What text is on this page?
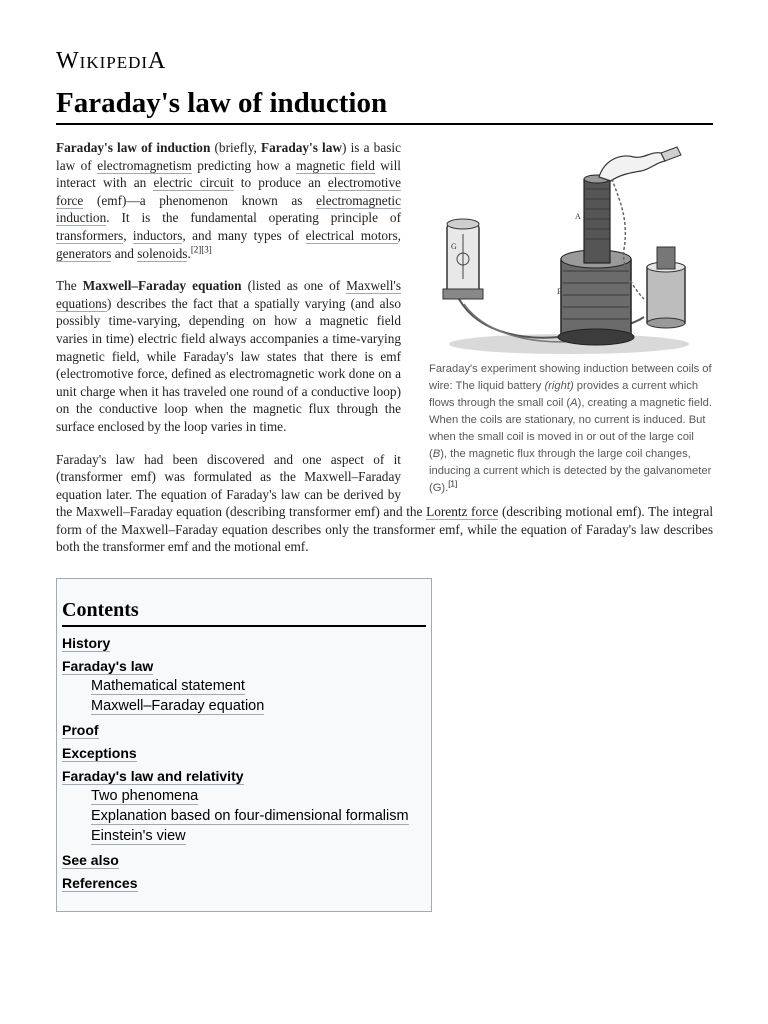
WIKIPEDIA
Faraday's law of induction
G
B
A
Faraday's experiment showing induction between coils of wire: The liquid battery (right) provides a current which flows through the small coil (A), creating a magnetic field. When the coils are stationary, no current is induced. But when the small coil is moved in or out of the large coil (B), the magnetic flux through the large coil changes, inducing a current which is detected by the galvanometer (G).[1]

Faraday's law of induction (briefly, Faraday's law) is a basic law of electromagnetism predicting how a magnetic field will interact with an electric circuit to produce an electromotive force (emf)—a phenomenon known as electromagnetic induction. It is the fundamental operating principle of transformers, inductors, and many types of electrical motors, generators and solenoids.[2][3]

The Maxwell–Faraday equation (listed as one of Maxwell's equations) describes the fact that a spatially varying (and also possibly time-varying, depending on how a magnetic field varies in time) electric field always accompanies a time-varying magnetic field, while Faraday's law states that there is emf (electromotive force, defined as electromagnetic work done on a unit charge when it has traveled one round of a conductive loop) on the conductive loop when the magnetic flux through the surface enclosed by the loop varies in time.

Faraday's law had been discovered and one aspect of it (transformer emf) was formulated as the Maxwell–Faraday equation later. The equation of Faraday's law can be derived by the Maxwell–Faraday equation (describing transformer emf) and the Lorentz force (describing motional emf). The integral form of the Maxwell–Faraday equation describes only the transformer emf, while the equation of Faraday's law describes both the transformer emf and the motional emf.

Contents
History
Faraday's law
Mathematical statement
Maxwell–Faraday equation
Proof
Exceptions
Faraday's law and relativity
Two phenomena
Explanation based on four-dimensional formalism
Einstein's view
See also
References
